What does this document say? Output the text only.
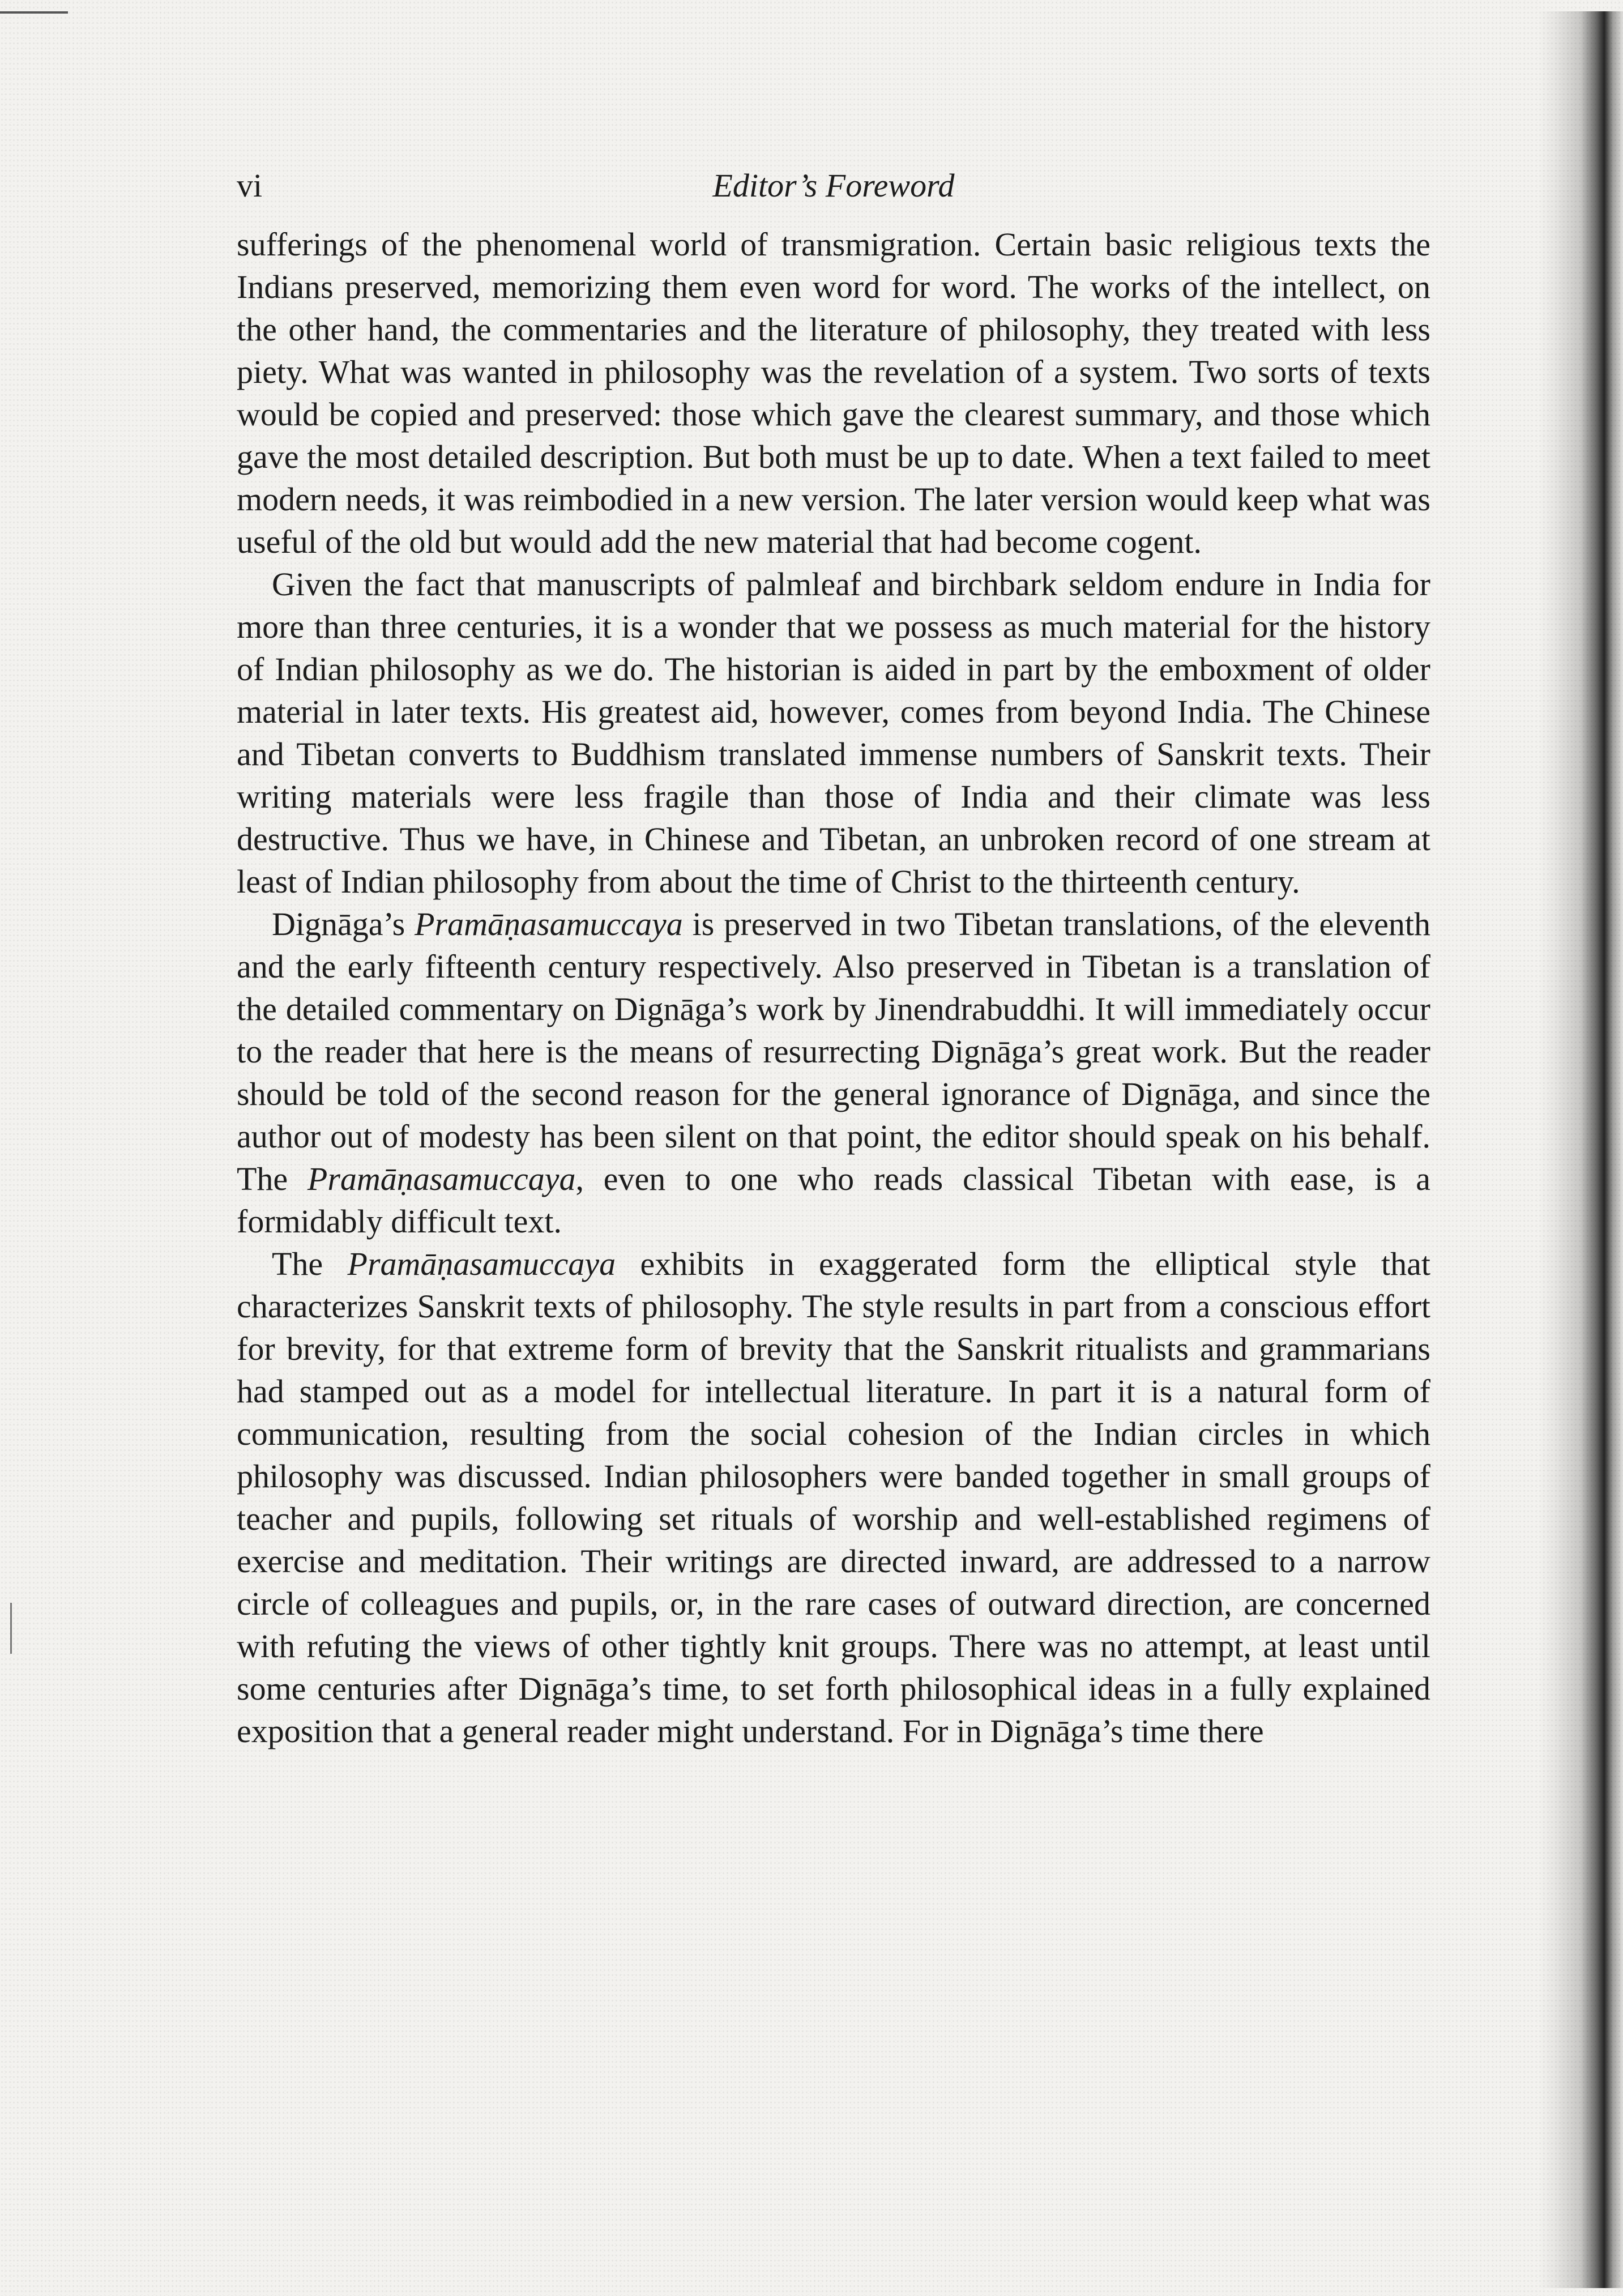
vi	Editor’s Foreword

sufferings of the phenomenal world of transmigration. Certain basic religious texts the Indians preserved, memorizing them even word for word. The works of the intellect, on the other hand, the commentaries and the literature of philosophy, they treated with less piety. What was wanted in philosophy was the revelation of a system. Two sorts of texts would be copied and preserved: those which gave the clearest summary, and those which gave the most detailed description. But both must be up to date. When a text failed to meet modern needs, it was reimbodied in a new version. The later version would keep what was useful of the old but would add the new material that had become cogent.

Given the fact that manuscripts of palmleaf and birchbark seldom endure in India for more than three centuries, it is a wonder that we possess as much material for the history of Indian philosophy as we do. The historian is aided in part by the emboxment of older material in later texts. His greatest aid, however, comes from beyond India. The Chinese and Tibetan converts to Buddhism translated immense numbers of Sanskrit texts. Their writing materials were less fragile than those of India and their climate was less destructive. Thus we have, in Chinese and Tibetan, an unbroken record of one stream at least of Indian philosophy from about the time of Christ to the thirteenth century.

Dignāga’s Pramāṇasamuccaya is preserved in two Tibetan translations, of the eleventh and the early fifteenth century respectively. Also preserved in Tibetan is a translation of the detailed commentary on Dignāga’s work by Jinendrabuddhi. It will immediately occur to the reader that here is the means of resurrecting Dignāga’s great work. But the reader should be told of the second reason for the general ignorance of Dignāga, and since the author out of modesty has been silent on that point, the editor should speak on his behalf. The Pramāṇasamuccaya, even to one who reads classical Tibetan with ease, is a formidably difficult text.

The Pramāṇasamuccaya exhibits in exaggerated form the elliptical style that characterizes Sanskrit texts of philosophy. The style results in part from a conscious effort for brevity, for that extreme form of brevity that the Sanskrit ritualists and grammarians had stamped out as a model for intellectual literature. In part it is a natural form of communication, resulting from the social cohesion of the Indian circles in which philosophy was discussed. Indian philosophers were banded together in small groups of teacher and pupils, following set rituals of worship and well-established regimens of exercise and meditation. Their writings are directed inward, are addressed to a narrow circle of colleagues and pupils, or, in the rare cases of outward direction, are concerned with refuting the views of other tightly knit groups. There was no attempt, at least until some centuries after Dignāga’s time, to set forth philosophical ideas in a fully explained exposition that a general reader might understand. For in Dignāga’s time there
